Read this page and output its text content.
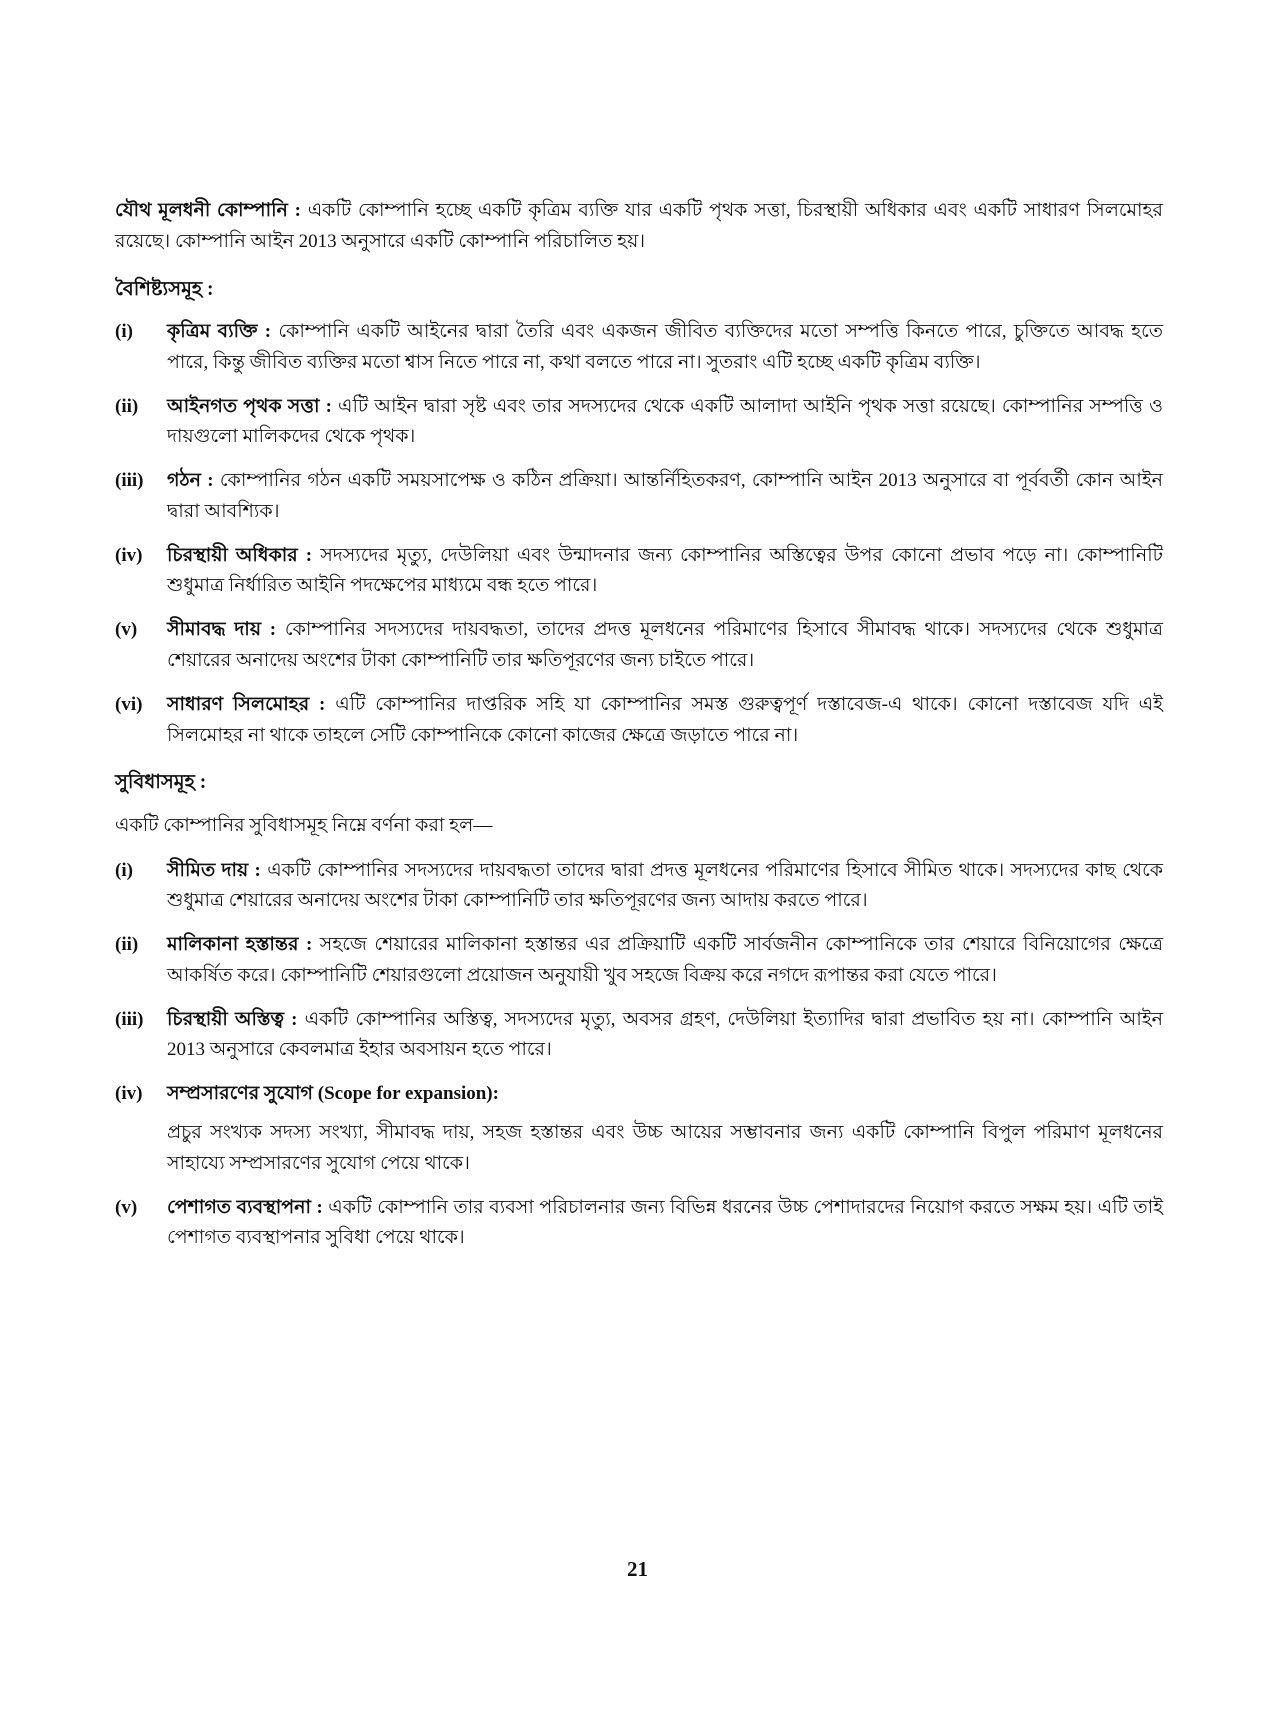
যৌথ মূলধনী কোম্পানি : একটি কোম্পানি হচ্ছে একটি কৃত্রিম ব্যক্তি যার একটি পৃথক সত্তা, চিরস্থায়ী অধিকার এবং একটি সাধারণ সিলমোহর রয়েছে। কোম্পানি আইন 2013 অনুসারে একটি কোম্পানি পরিচালিত হয়।

বৈশিষ্ট্যসমূহ :

(i)	কৃত্রিম ব্যক্তি : কোম্পানি একটি আইনের দ্বারা তৈরি এবং একজন জীবিত ব্যক্তিদের মতো সম্পত্তি কিনতে পারে, চুক্তিতে আবদ্ধ হতে পারে, কিন্তু জীবিত ব্যক্তির মতো শ্বাস নিতে পারে না, কথা বলতে পারে না। সুতরাং এটি হচ্ছে একটি কৃত্রিম ব্যক্তি।
(ii)	আইনগত পৃথক সত্তা : এটি আইন দ্বারা সৃষ্ট এবং তার সদস্যদের থেকে একটি আলাদা আইনি পৃথক সত্তা রয়েছে। কোম্পানির সম্পত্তি ও দায়গুলো মালিকদের থেকে পৃথক।
(iii)	গঠন : কোম্পানির গঠন একটি সময়সাপেক্ষ ও কঠিন প্রক্রিয়া। আন্তর্নিহিতকরণ, কোম্পানি আইন 2013 অনুসারে বা পূর্ববর্তী কোন আইন দ্বারা আবশ্যিক।
(iv)	চিরস্থায়ী অধিকার : সদস্যদের মৃত্যু, দেউলিয়া এবং উন্মাদনার জন্য কোম্পানির অস্তিত্বের উপর কোনো প্রভাব পড়ে না। কোম্পানিটি শুধুমাত্র নির্ধারিত আইনি পদক্ষেপের মাধ্যমে বন্ধ হতে পারে।
(v)	সীমাবদ্ধ দায় : কোম্পানির সদস্যদের দায়বদ্ধতা, তাদের প্রদত্ত মূলধনের পরিমাণের হিসাবে সীমাবদ্ধ থাকে। সদস্যদের থেকে শুধুমাত্র শেয়ারের অনাদেয় অংশের টাকা কোম্পানিটি তার ক্ষতিপূরণের জন্য চাইতে পারে।
(vi)	সাধারণ সিলমোহর : এটি কোম্পানির দাপ্তরিক সহি যা কোম্পানির সমস্ত গুরুত্বপূর্ণ দস্তাবেজ-এ থাকে। কোনো দস্তাবেজ যদি এই সিলমোহর না থাকে তাহলে সেটি কোম্পানিকে কোনো কাজের ক্ষেত্রে জড়াতে পারে না।

সুবিধাসমূহ :

একটি কোম্পানির সুবিধাসমূহ নিম্নে বর্ণনা করা হল—

(i)	সীমিত দায় : একটি কোম্পানির সদস্যদের দায়বদ্ধতা তাদের দ্বারা প্রদত্ত মূলধনের পরিমাণের হিসাবে সীমিত থাকে। সদস্যদের কাছ থেকে শুধুমাত্র শেয়ারের অনাদেয় অংশের টাকা কোম্পানিটি তার ক্ষতিপূরণের জন্য আদায় করতে পারে।
(ii)	মালিকানা হস্তান্তর : সহজে শেয়ারের মালিকানা হস্তান্তর এর প্রক্রিয়াটি একটি সার্বজনীন কোম্পানিকে তার শেয়ারে বিনিয়োগের ক্ষেত্রে আকর্ষিত করে। কোম্পানিটি শেয়ারগুলো প্রয়োজন অনুযায়ী খুব সহজে বিক্রয় করে নগদে রূপান্তর করা যেতে পারে।
(iii)	চিরস্থায়ী অস্তিত্ব : একটি কোম্পানির অস্তিত্ব, সদস্যদের মৃত্যু, অবসর গ্রহণ, দেউলিয়া ইত্যাদির দ্বারা প্রভাবিত হয় না। কোম্পানি আইন 2013 অনুসারে কেবলমাত্র ইহার অবসায়ন হতে পারে।
(iv)	সম্প্রসারণের সুযোগ (Scope for expansion):

প্রচুর সংখ্যক সদস্য সংখ্যা, সীমাবদ্ধ দায়, সহজ হস্তান্তর এবং উচ্চ আয়ের সম্ভাবনার জন্য একটি কোম্পানি বিপুল পরিমাণ মূলধনের সাহায্যে সম্প্রসারণের সুযোগ পেয়ে থাকে।

(v)	পেশাগত ব্যবস্থাপনা : একটি কোম্পানি তার ব্যবসা পরিচালনার জন্য বিভিন্ন ধরনের উচ্চ পেশাদারদের নিয়োগ করতে সক্ষম হয়। এটি তাই পেশাগত ব্যবস্থাপনার সুবিধা পেয়ে থাকে।
21
